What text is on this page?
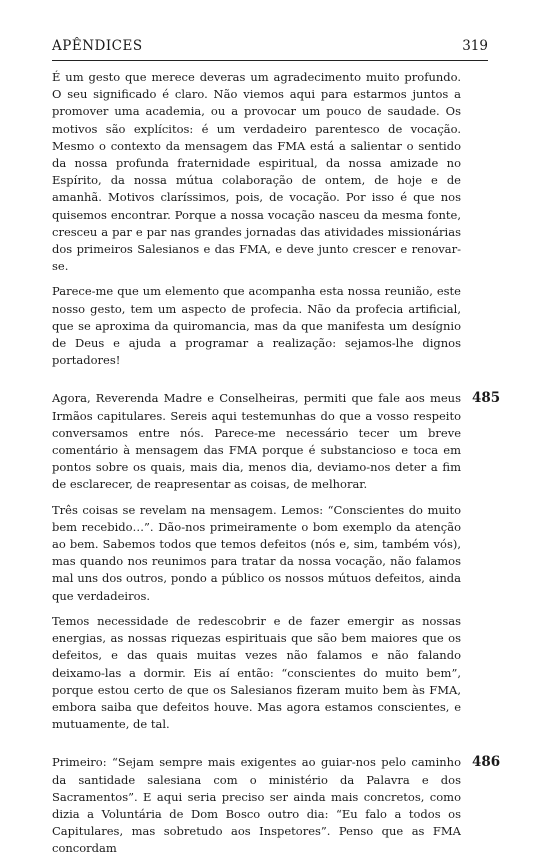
APÊNDICES	319

É um gesto que merece deveras um agradecimento muito profundo. O seu significado é claro. Não viemos aqui para estarmos juntos a promover uma academia, ou a provocar um pouco de saudade. Os motivos são explícitos: é um verdadeiro parentesco de vocação. Mesmo o contexto da mensagem das FMA está a salientar o sentido da nossa profunda fraternidade espiritual, da nossa amizade no Espírito, da nossa mútua colaboração de ontem, de hoje e de amanhã. Motivos claríssimos, pois, de vocação. Por isso é que nos quisemos encontrar. Porque a nossa vocação nasceu da mesma fonte, cresceu a par e par nas grandes jornadas das atividades missionárias dos primeiros Salesianos e das FMA, e deve junto crescer e renovar-se.

Parece-me que um elemento que acompanha esta nossa reunião, este nosso gesto, tem um aspecto de profecia. Não da profecia artificial, que se aproxima da quiromancia, mas da que manifesta um desígnio de Deus e ajuda a programar a realização: sejamos-lhe dignos portadores!

485

Agora, Reverenda Madre e Conselheiras, permiti que fale aos meus Irmãos capitulares. Sereis aqui testemunhas do que a vosso respeito conversamos entre nós. Parece-me necessário tecer um breve comentário à mensagem das FMA porque é substancioso e toca em pontos sobre os quais, mais dia, menos dia, deviamo-nos deter a fim de esclarecer, de reapresentar as coisas, de melhorar.

Três coisas se revelam na mensagem. Lemos: “Conscientes do muito bem recebido…”. Dão-nos primeiramente o bom exemplo da atenção ao bem. Sabemos todos que temos defeitos (nós e, sim, também vós), mas quando nos reunimos para tratar da nossa vocação, não falamos mal uns dos outros, pondo a público os nossos mútuos defeitos, ainda que verdadeiros.

Temos necessidade de redescobrir e de fazer emergir as nossas energias, as nossas riquezas espirituais que são bem maiores que os defeitos, e das quais muitas vezes não falamos e não falando deixamo-las a dormir. Eis aí então: “conscientes do muito bem”, porque estou certo de que os Salesianos fizeram muito bem às FMA, embora saiba que defeitos houve. Mas agora estamos conscientes, e mutuamente, de tal.

486

Primeiro: “Sejam sempre mais exigentes ao guiar-nos pelo caminho da santidade salesiana com o ministério da Palavra e dos Sacramentos”. E aqui seria preciso ser ainda mais concretos, como dizia a Voluntária de Dom Bosco outro dia: “Eu falo a todos os Capitulares, mas sobretudo aos Inspetores”. Penso que as FMA concordam
